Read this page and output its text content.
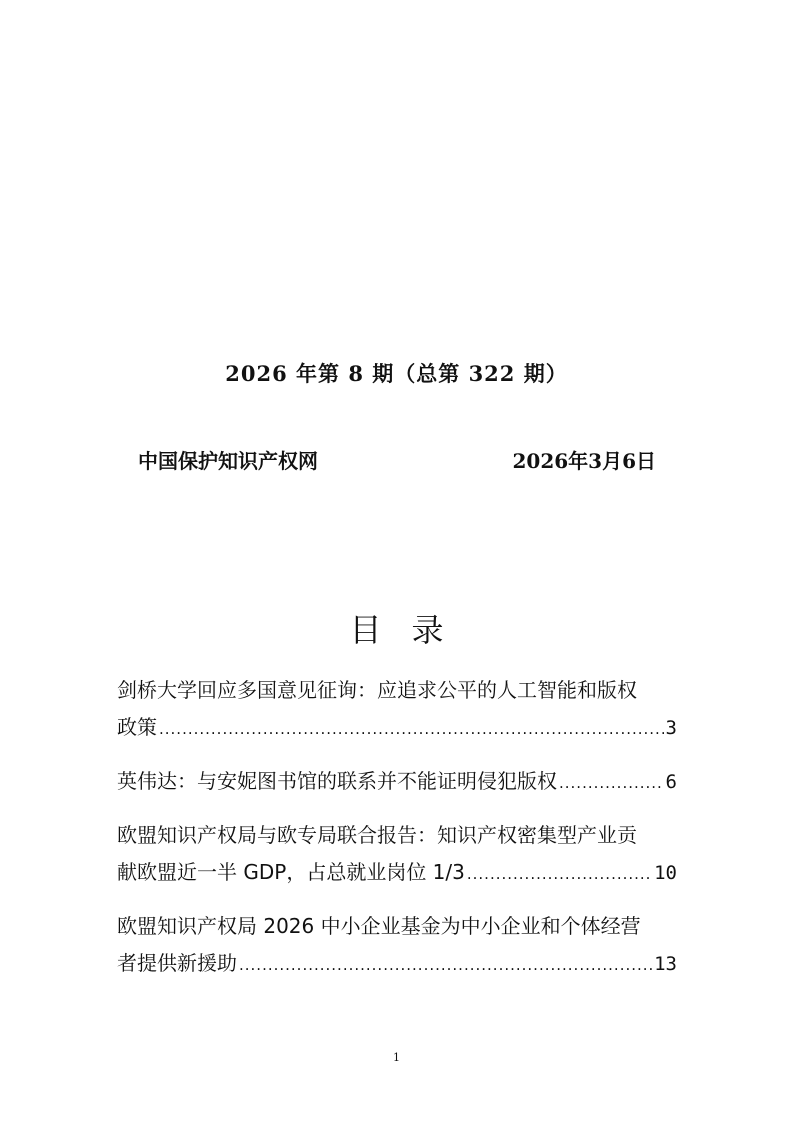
2026 年第 8 期（总第 322 期）
中国保护知识产权网	2026年3月6日
目录
剑桥大学回应多国意见征询：应追求公平的人工智能和版权
政策 .....	3
英伟达：与安妮图书馆的联系并不能证明侵犯版权 .....	6
欧盟知识产权局与欧专局联合报告：知识产权密集型产业贡
献欧盟近一半 GDP，占总就业岗位 1/3 .....	10
欧盟知识产权局 2026 中小企业基金为中小企业和个体经营
者提供新援助 .....	13
1
